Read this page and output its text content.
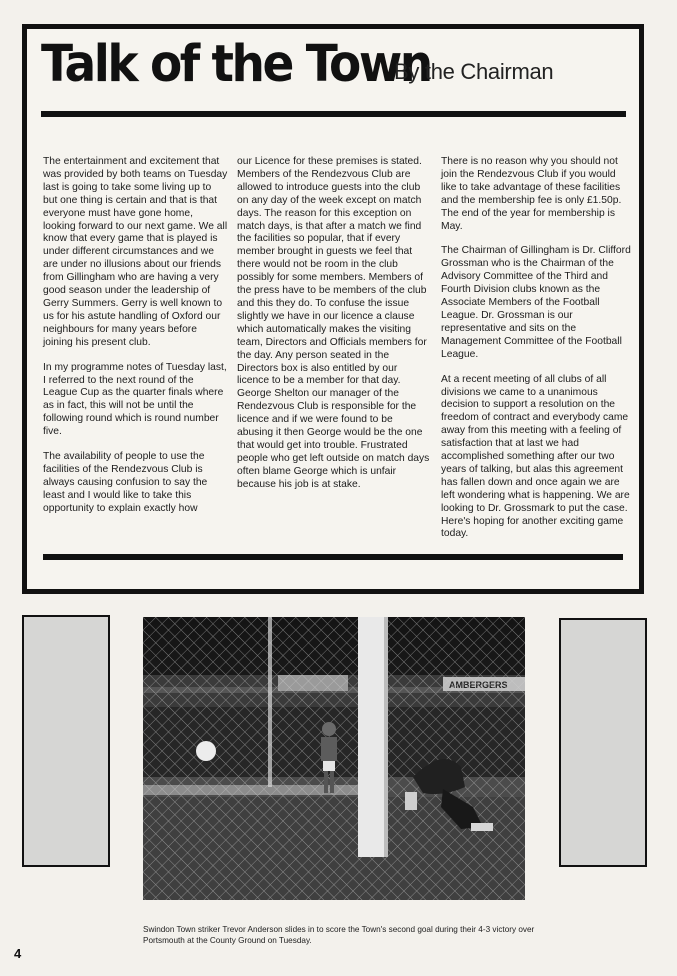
Talk of the Town
By the Chairman

The entertainment and excitement that was provided by both teams on Tuesday last is going to take some living up to but one thing is certain and that is that everyone must have gone home, looking forward to our next game. We all know that every game that is played is under different circumstances and we are under no illusions about our friends from Gillingham who are having a very good season under the leadership of Gerry Summers. Gerry is well known to us for his astute handling of Oxford our neighbours for many years before joining his present club.

In my programme notes of Tuesday last, I referred to the next round of the League Cup as the quarter finals where as in fact, this will not be until the following round which is round number five.

The availability of people to use the facilities of the Rendezvous Club is always causing confusion to say the least and I would like to take this opportunity to explain exactly how

our Licence for these premises is stated. Members of the Rendezvous Club are allowed to introduce guests into the club on any day of the week except on match days. The reason for this exception on match days, is that after a match we find the facilities so popular, that if every member brought in guests we feel that there would not be room in the club possibly for some members. Members of the press have to be members of the club and this they do. To confuse the issue slightly we have in our licence a clause which automatically makes the visiting team, Directors and Officials members for the day. Any person seated in the Directors box is also entitled by our licence to be a member for that day. George Shelton our manager of the Rendezvous Club is responsible for the licence and if we were found to be abusing it then George would be the one that would get into trouble. Frustrated people who get left outside on match days often blame George which is unfair because his job is at stake.

There is no reason why you should not join the Rendezvous Club if you would like to take advantage of these facilities and the membership fee is only £1.50p. The end of the year for membership is May.

The Chairman of Gillingham is Dr. Clifford Grossman who is the Chairman of the Advisory Committee of the Third and Fourth Division clubs known as the Associate Members of the Football League. Dr. Grossman is our representative and sits on the Management Committee of the Football League.

At a recent meeting of all clubs of all divisions we came to a unanimous decision to support a resolution on the freedom of contract and everybody came away from this meeting with a feeling of satisfaction that at last we had accomplished something after our two years of talking, but alas this agreement has fallen down and once again we are left wondering what is happening. We are looking to Dr. Grossmark to put the case. Here's hoping for another exciting game today.

Swindon Town striker Trevor Anderson slides in to score the Town's second goal during their 4-3 victory over Portsmouth at the County Ground on Tuesday.
4
